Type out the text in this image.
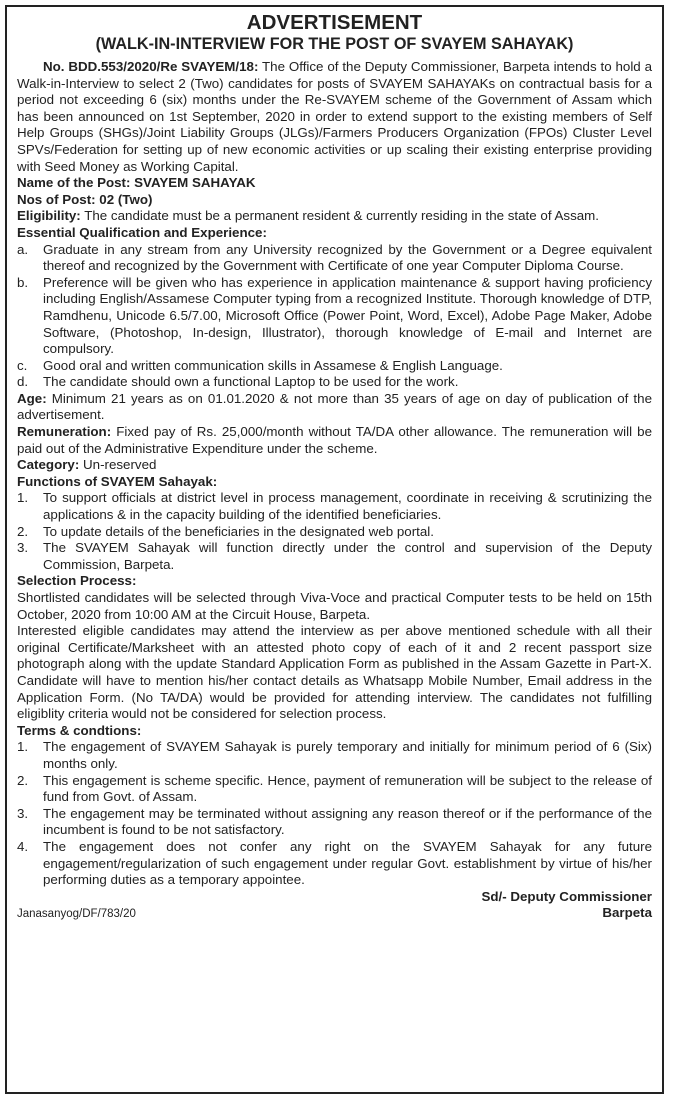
ADVERTISEMENT
(WALK-IN-INTERVIEW FOR THE POST OF SVAYEM SAHAYAK)

No. BDD.553/2020/Re SVAYEM/18: The Office of the Deputy Commissioner, Barpeta intends to hold a Walk-in-Interview to select 2 (Two) candidates for posts of SVAYEM SAHAYAKs on contractual basis for a period not exceeding 6 (six) months under the Re-SVAYEM scheme of the Government of Assam which has been announced on 1st September, 2020 in order to extend support to the existing members of Self Help Groups (SHGs)/Joint Liability Groups (JLGs)/Farmers Producers Organization (FPOs) Cluster Level SPVs/Federation for setting up of new economic activities or up scaling their existing enterprise providing with Seed Money as Working Capital.

Name of the Post: SVAYEM SAHAYAK

Nos of Post: 02 (Two)

Eligibility: The candidate must be a permanent resident & currently residing in the state of Assam.

Essential Qualification and Experience:

a.	Graduate in any stream from any University recognized by the Government or a Degree equivalent thereof and recognized by the Government with Certificate of one year Computer Diploma Course.
b.	Preference will be given who has experience in application maintenance & support having proficiency including English/Assamese Computer typing from a recognized Institute. Thorough knowledge of DTP, Ramdhenu, Unicode 6.5/7.00, Microsoft Office (Power Point, Word, Excel), Adobe Page Maker, Adobe Software, (Photoshop, In-design, Illustrator), thorough knowledge of E-mail and Internet are compulsory.
c.	Good oral and written communication skills in Assamese & English Language.
d.	The candidate should own a functional Laptop to be used for the work.

Age: Minimum 21 years as on 01.01.2020 & not more than 35 years of age on day of publication of the advertisement.

Remuneration: Fixed pay of Rs. 25,000/month without TA/DA other allowance. The remuneration will be paid out of the Administrative Expenditure under the scheme.

Category: Un-reserved

Functions of SVAYEM Sahayak:

1.	To support officials at district level in process management, coordinate in receiving & scrutinizing the applications & in the capacity building of the identified beneficiaries.
2.	To update details of the beneficiaries in the designated web portal.
3.	The SVAYEM Sahayak will function directly under the control and supervision of the Deputy Commission, Barpeta.

Selection Process:

Shortlisted candidates will be selected through Viva-Voce and practical Computer tests to be held on 15th October, 2020 from 10:00 AM at the Circuit House, Barpeta.

Interested eligible candidates may attend the interview as per above mentioned schedule with all their original Certificate/Marksheet with an attested photo copy of each of it and 2 recent passport size photograph along with the update Standard Application Form as published in the Assam Gazette in Part-X. Candidate will have to mention his/her contact details as Whatsapp Mobile Number, Email address in the Application Form. (No TA/DA) would be provided for attending interview. The candidates not fulfilling eligiblity criteria would not be considered for selection process.

Terms & condtions:

1.	The engagement of SVAYEM Sahayak is purely temporary and initially for minimum period of 6 (Six) months only.
2.	This engagement is scheme specific. Hence, payment of remuneration will be subject to the release of fund from Govt. of Assam.
3.	The engagement may be terminated without assigning any reason thereof or if the performance of the incumbent is found to be not satisfactory.
4.	The engagement does not confer any right on the SVAYEM Sahayak for any future engagement/regularization of such engagement under regular Govt. establishment by virtue of his/her performing duties as a temporary appointee.
Sd/- Deputy Commissioner
Janasanyog/DF/783/20	Barpeta
